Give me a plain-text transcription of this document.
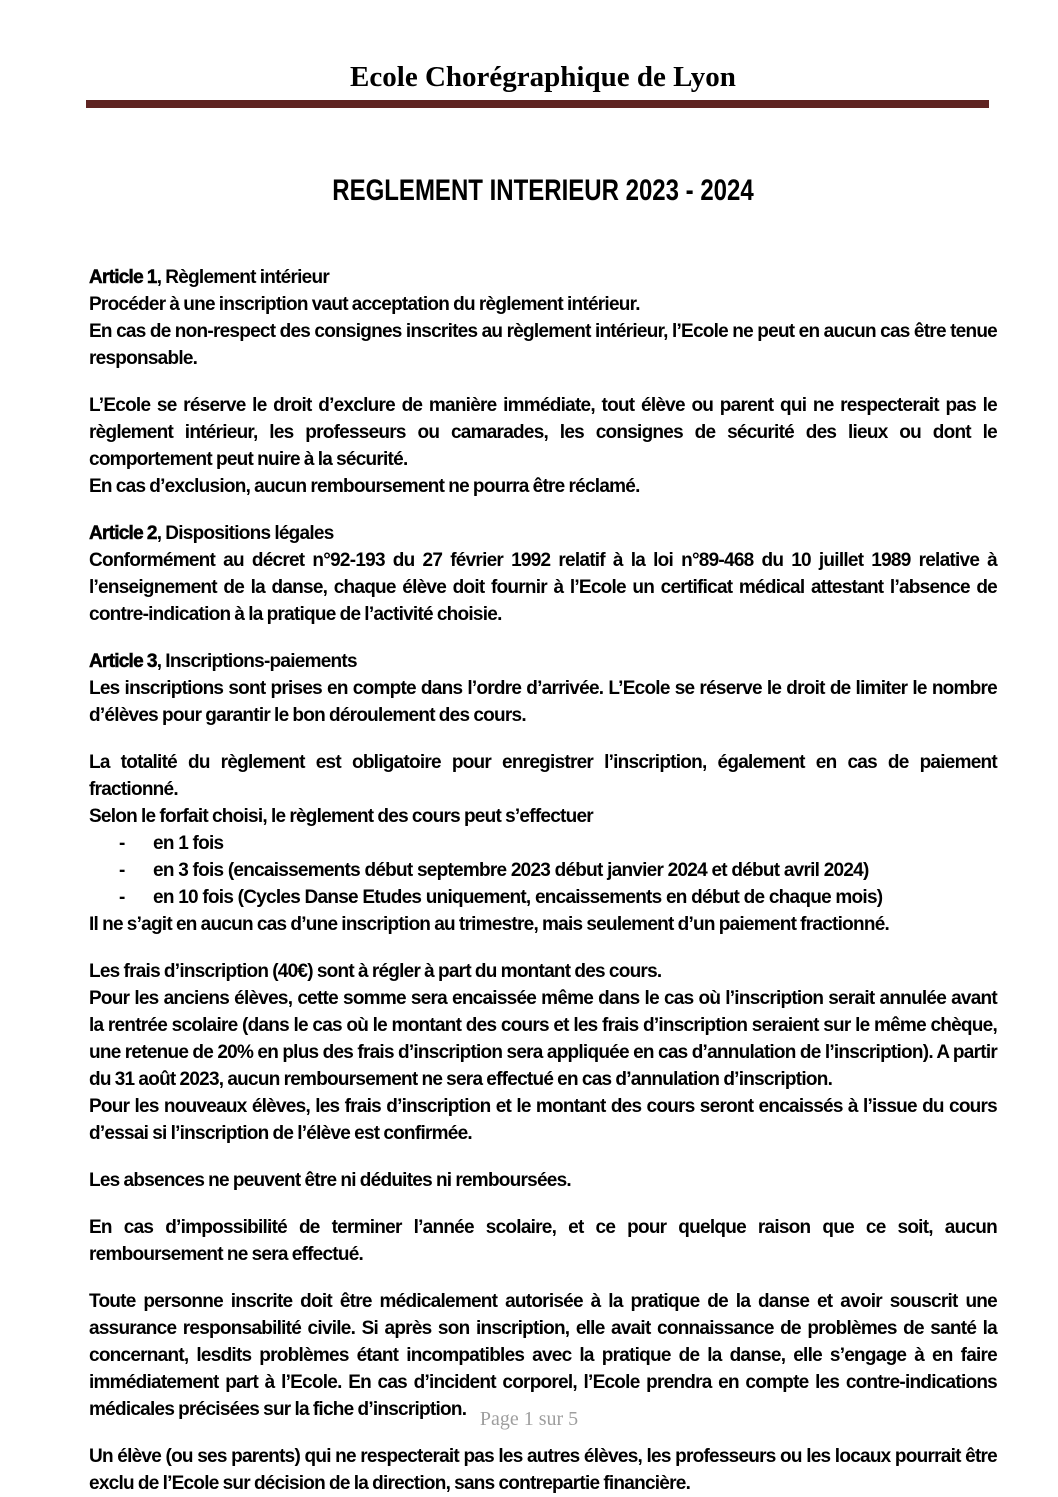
Ecole Chorégraphique de Lyon
REGLEMENT INTERIEUR 2023 - 2024

Article 1, Règlement intérieur

Procéder à une inscription vaut acceptation du règlement intérieur.

En cas de non-respect des consignes inscrites au règlement intérieur, l’Ecole ne peut en aucun cas être tenue responsable.

L’Ecole se réserve le droit d’exclure de manière immédiate, tout élève ou parent qui ne respecterait pas le règlement intérieur, les professeurs ou camarades, les consignes de sécurité des lieux ou dont le comportement peut nuire à la sécurité.

En cas d’exclusion, aucun remboursement ne pourra être réclamé.

Article 2, Dispositions légales

Conformément au décret n°92-193 du 27 février 1992 relatif à la loi n°89-468 du 10 juillet 1989 relative à l’enseignement de la danse, chaque élève doit fournir à l’Ecole un certificat médical attestant l’absence de contre-indication à la pratique de l’activité choisie.

Article 3, Inscriptions-paiements

Les inscriptions sont prises en compte dans l’ordre d’arrivée. L’Ecole se réserve le droit de limiter le nombre d’élèves pour garantir le bon déroulement des cours.

La totalité du règlement est obligatoire pour enregistrer l’inscription, également en cas de paiement fractionné.

Selon le forfait choisi, le règlement des cours peut s’effectuer

-	en 1 fois
-	en 3 fois (encaissements début septembre 2023 début janvier 2024 et début avril 2024)
-	en 10 fois (Cycles Danse Etudes uniquement, encaissements en début de chaque mois)

Il ne s’agit en aucun cas d’une inscription au trimestre, mais seulement d’un paiement fractionné.

Les frais d’inscription (40€) sont à régler à part du montant des cours.

Pour les anciens élèves, cette somme sera encaissée même dans le cas où l’inscription serait annulée avant la rentrée scolaire (dans le cas où le montant des cours et les frais d’inscription seraient sur le même chèque, une retenue de 20% en plus des frais d’inscription sera appliquée en cas d’annulation de l’inscription). A partir du 31 août 2023, aucun remboursement ne sera effectué en cas d’annulation d’inscription.

Pour les nouveaux élèves, les frais d’inscription et le montant des cours seront encaissés à l’issue du cours d’essai si l’inscription de l’élève est confirmée.

Les absences ne peuvent être ni déduites ni remboursées.

En cas d’impossibilité de terminer l’année scolaire, et ce pour quelque raison que ce soit, aucun remboursement ne sera effectué.

Toute personne inscrite doit être médicalement autorisée à la pratique de la danse et avoir souscrit une assurance responsabilité civile. Si après son inscription, elle avait connaissance de problèmes de santé la concernant, lesdits problèmes étant incompatibles avec la pratique de la danse, elle s’engage à en faire immédiatement part à l’Ecole. En cas d’incident corporel, l’Ecole prendra en compte les contre-indications médicales précisées sur la fiche d’inscription.

Un élève (ou ses parents) qui ne respecterait pas les autres élèves, les professeurs ou les locaux pourrait être exclu de l’Ecole sur décision de la direction, sans contrepartie financière.

Page 1 sur 5
